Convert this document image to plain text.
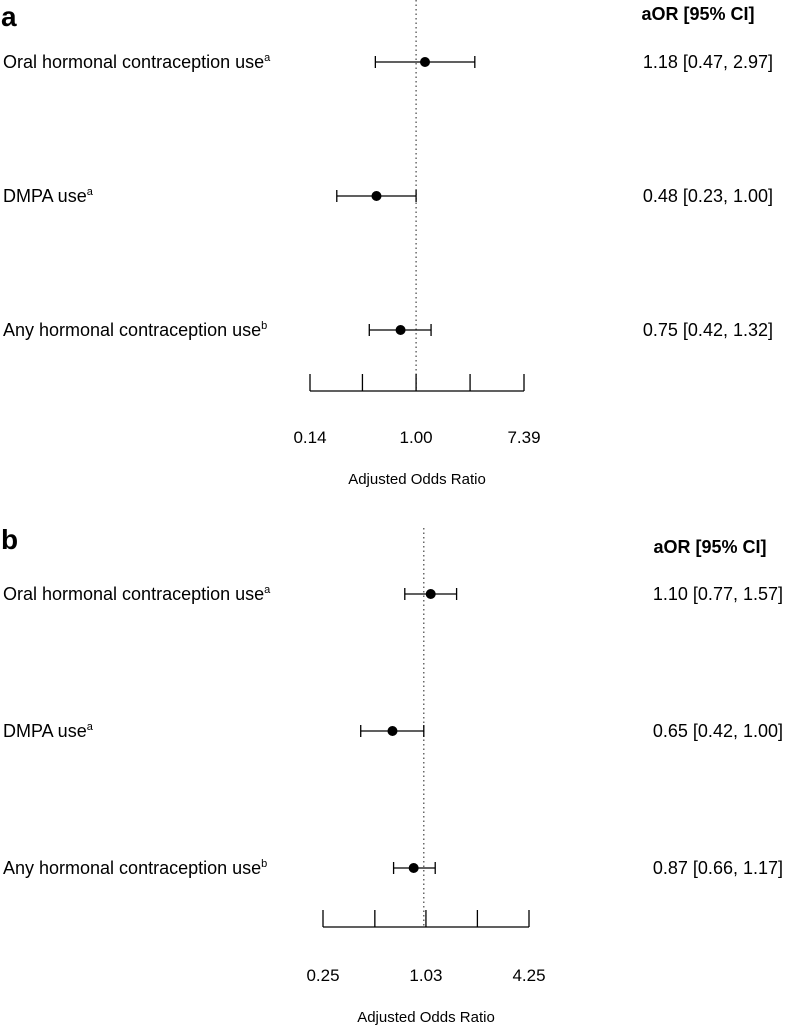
a	aOR [95% CI]
Oral hormonal contraception use$^a$	1.18 [0.47, 2.97]
DMPA use$^a$	0.48 [0.23, 1.00]
Any hormonal contraception use$^b$	0.75 [0.42, 1.32]
0.14	1.00	7.39
Adjusted Odds Ratio
b	aOR [95% CI]
Oral hormonal contraception use$^a$	1.10 [0.77, 1.57]
DMPA use$^a$	0.65 [0.42, 1.00]
Any hormonal contraception use$^b$	0.87 [0.66, 1.17]
0.25	1.03	4.25
Adjusted Odds Ratio
